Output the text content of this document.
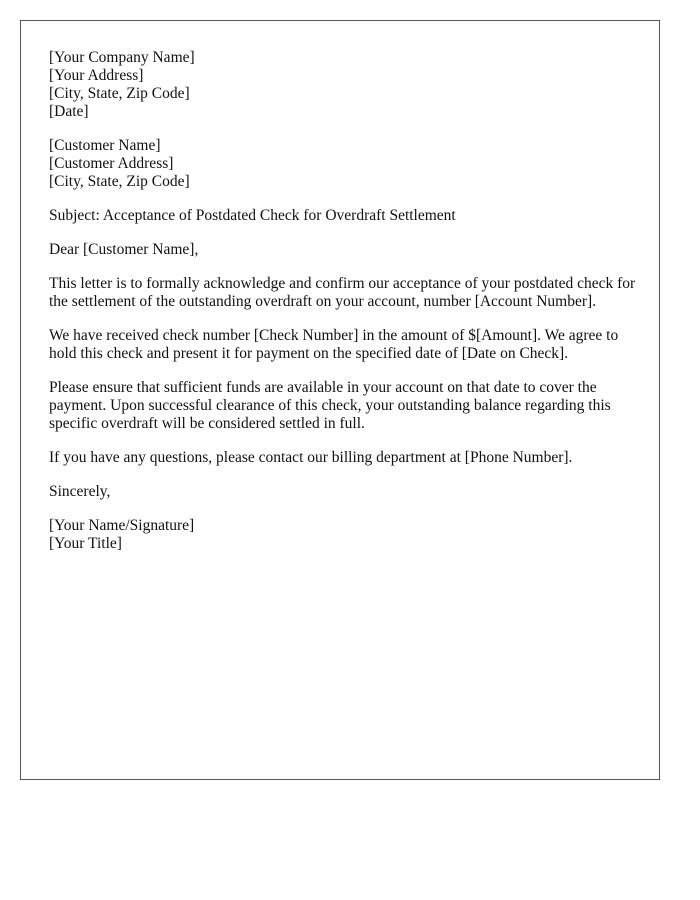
[Your Company Name]
[Your Address]
[City, State, Zip Code]
[Date]
[Customer Name]
[Customer Address]
[City, State, Zip Code]

Subject: Acceptance of Postdated Check for Overdraft Settlement

Dear [Customer Name],

This letter is to formally acknowledge and confirm our acceptance of your postdated check for the settlement of the outstanding overdraft on your account, number [Account Number].

We have received check number [Check Number] in the amount of $[Amount]. We agree to hold this check and present it for payment on the specified date of [Date on Check].

Please ensure that sufficient funds are available in your account on that date to cover the payment. Upon successful clearance of this check, your outstanding balance regarding this specific overdraft will be considered settled in full.

If you have any questions, please contact our billing department at [Phone Number].

Sincerely,

[Your Name/Signature]
[Your Title]
